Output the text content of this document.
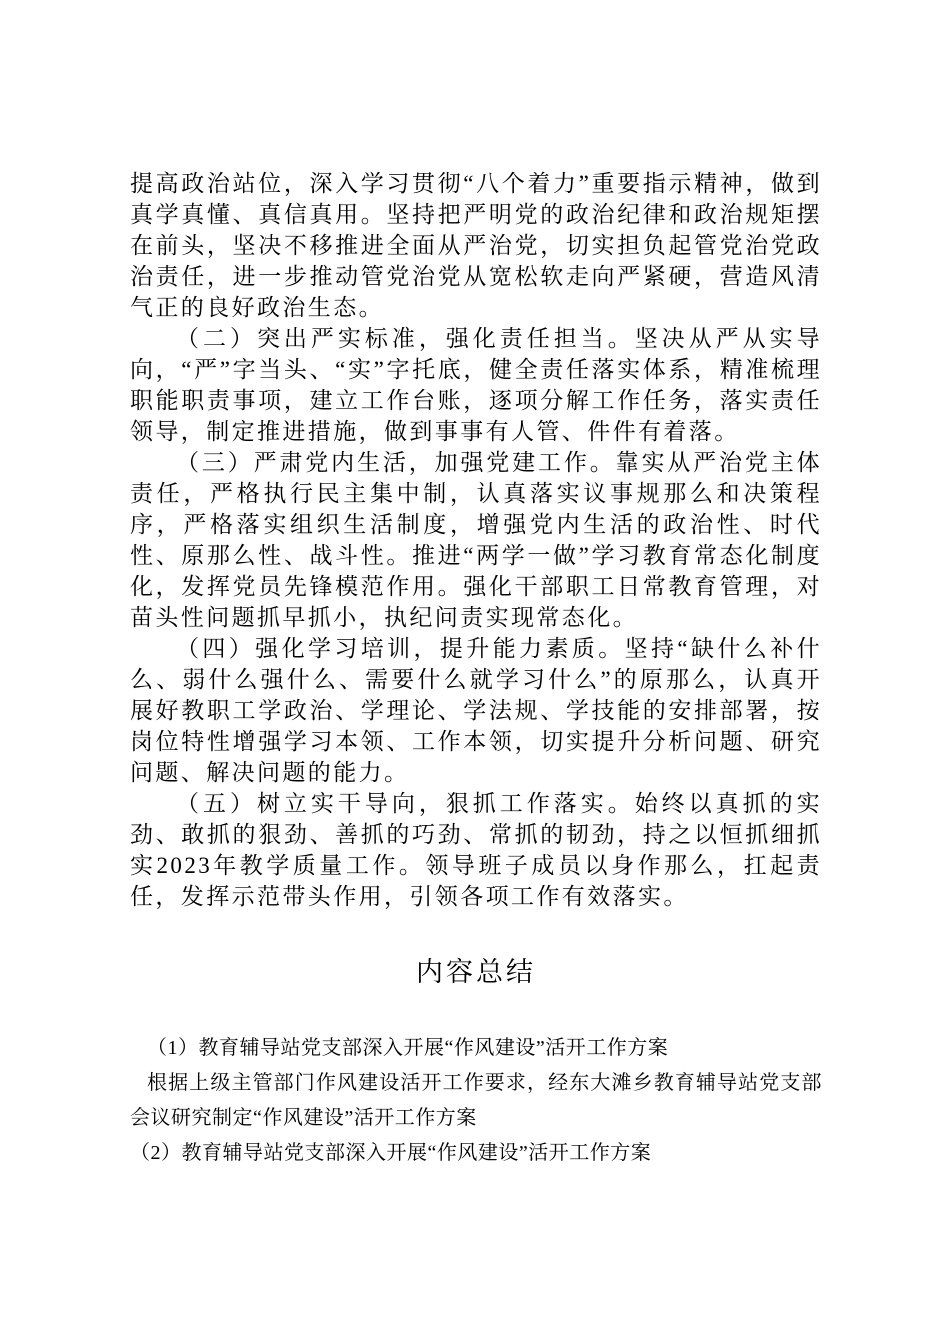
提高政治站位，深入学习贯彻“八个着力”重要指示精神，做到真学真懂、真信真用。坚持把严明党的政治纪律和政治规矩摆在前头，坚决不移推进全面从严治党，切实担负起管党治党政治责任，进一步推动管党治党从宽松软走向严紧硬，营造风清气正的良好政治生态。

（二）突出严实标准，强化责任担当。坚决从严从实导向，“严”字当头、“实”字托底，健全责任落实体系，精准梳理职能职责事项，建立工作台账，逐项分解工作任务，落实责任领导，制定推进措施，做到事事有人管、件件有着落。

（三）严肃党内生活，加强党建工作。靠实从严治党主体责任，严格执行民主集中制，认真落实议事规那么和决策程序，严格落实组织生活制度，增强党内生活的政治性、时代性、原那么性、战斗性。推进“两学一做”学习教育常态化制度化，发挥党员先锋模范作用。强化干部职工日常教育管理，对苗头性问题抓早抓小，执纪问责实现常态化。

（四）强化学习培训，提升能力素质。坚持“缺什么补什么、弱什么强什么、需要什么就学习什么”的原那么，认真开展好教职工学政治、学理论、学法规、学技能的安排部署，按岗位特性增强学习本领、工作本领，切实提升分析问题、研究问题、解决问题的能力。

（五）树立实干导向，狠抓工作落实。始终以真抓的实劲、敢抓的狠劲、善抓的巧劲、常抓的韧劲，持之以恒抓细抓实2023年教学质量工作。领导班子成员以身作那么，扛起责任，发挥示范带头作用，引领各项工作有效落实。

内容总结

（1）教育辅导站党支部深入开展“作风建设”活开工作方案

根据上级主管部门作风建设活开工作要求，经东大滩乡教育辅导站党支部会议研究制定“作风建设”活开工作方案

（2）教育辅导站党支部深入开展“作风建设”活开工作方案
